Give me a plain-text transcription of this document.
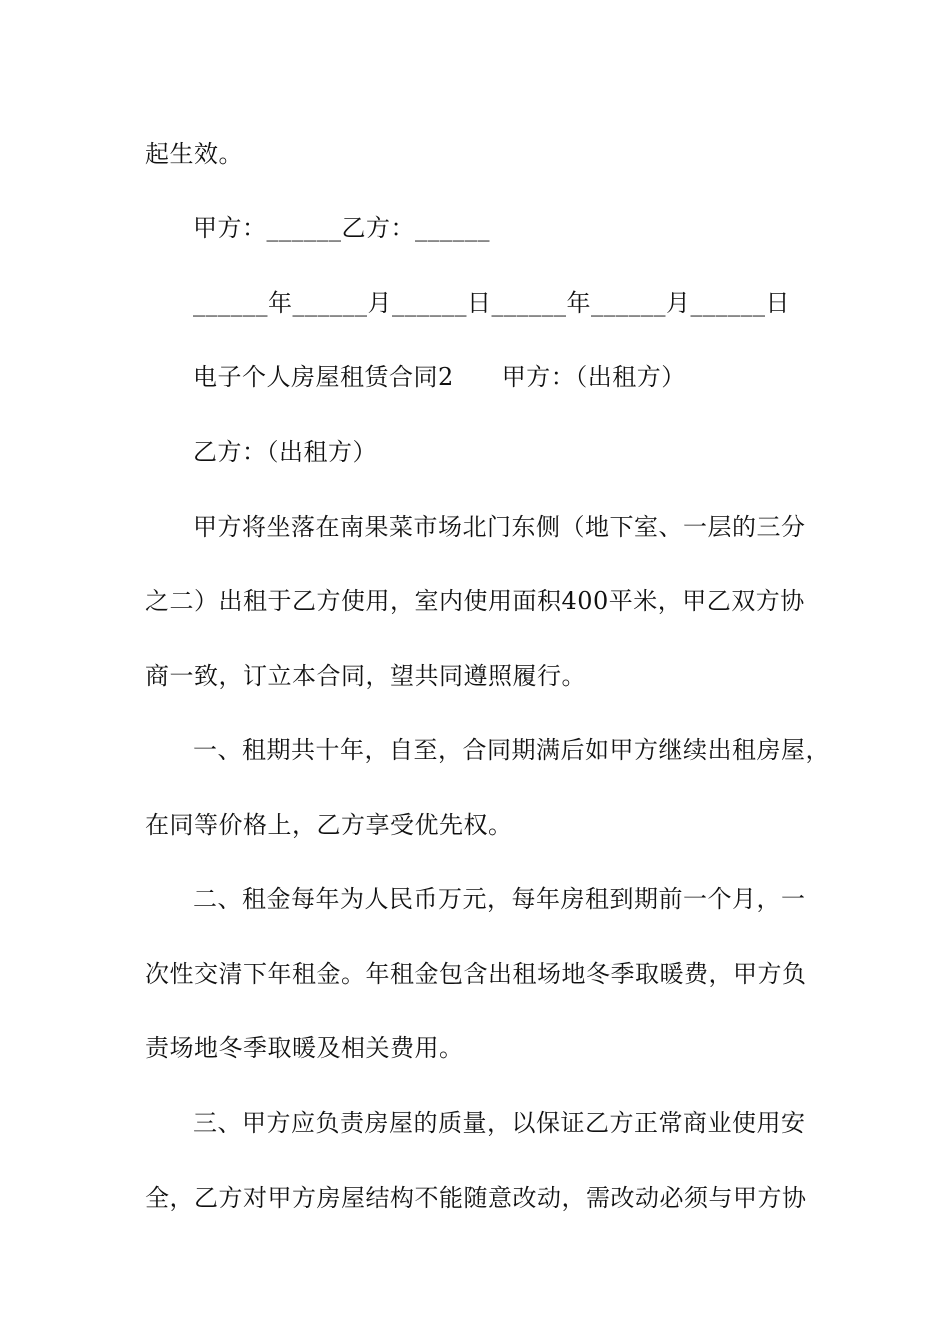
起生效。
甲方：______乙方：______
______年______月______日______年______月______日
电子个人房屋租赁合同2 甲方：（出租方）
乙方：（出租方）
甲方将坐落在南果菜市场北门东侧（地下室、一层的三分
之二）出租于乙方使用，室内使用面积400平米，甲乙双方协
商一致，订立本合同，望共同遵照履行。
一、租期共十年，自至，合同期满后如甲方继续出租房屋，
在同等价格上，乙方享受优先权。
二、租金每年为人民币万元，每年房租到期前一个月，一
次性交清下年租金。年租金包含出租场地冬季取暖费，甲方负
责场地冬季取暖及相关费用。
三、甲方应负责房屋的质量，以保证乙方正常商业使用安
全，乙方对甲方房屋结构不能随意改动，需改动必须与甲方协
